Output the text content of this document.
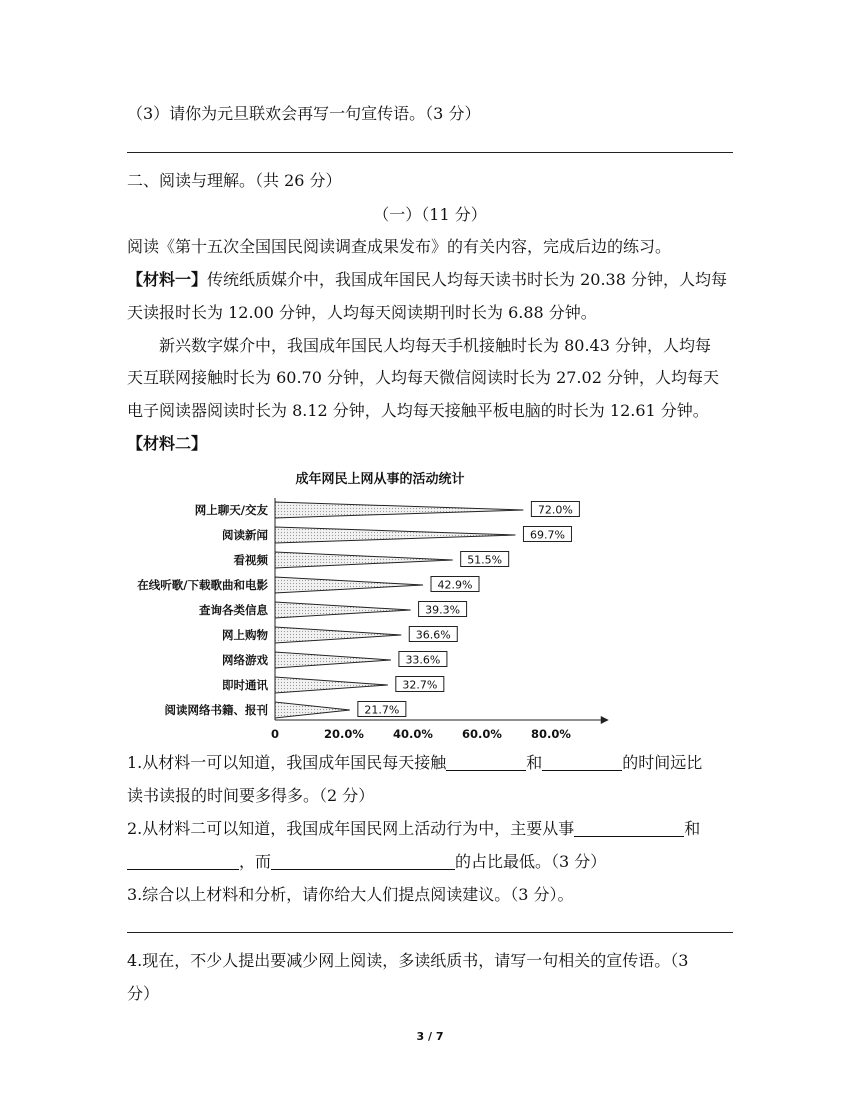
（3）请你为元旦联欢会再写一句宣传语。（3 分）
二、阅读与理解。（共 26 分）
（一）（11 分）
阅读《第十五次全国国民阅读调查成果发布》的有关内容，完成后边的练习。
【材料一】传统纸质媒介中，我国成年国民人均每天读书时长为 20.38 分钟，人均每
天读报时长为 12.00 分钟，人均每天阅读期刊时长为 6.88 分钟。
新兴数字媒介中，我国成年国民人均每天手机接触时长为 80.43 分钟，人均每
天互联网接触时长为 60.70 分钟，人均每天微信阅读时长为 27.02 分钟，人均每天
电子阅读器阅读时长为 8.12 分钟，人均每天接触平板电脑的时长为 12.61 分钟。
【材料二】
成年网民上网从事的活动统计
网上聊天/交友	72.0%
阅读新闻	69.7%
看视频	51.5%
在线听歌/下载歌曲和电影	42.9%
查询各类信息	39.3%
网上购物	36.6%
网络游戏	33.6%
即时通讯	32.7%
阅读网络书籍、报刊	21.7%
0	20.0%	40.0%	60.0%	80.0%
1.从材料一可以知道，我国成年国民每天接触	和	的时间远比
读书读报的时间要多得多。（2 分）
2.从材料二可以知道，我国成年国民网上活动行为中，主要从事	和
，而	的占比最低。（3 分）
3.综合以上材料和分析，请你给大人们提点阅读建议。（3 分）。
4.现在，不少人提出要减少网上阅读，多读纸质书，请写一句相关的宣传语。（3
分）
3 / 7
